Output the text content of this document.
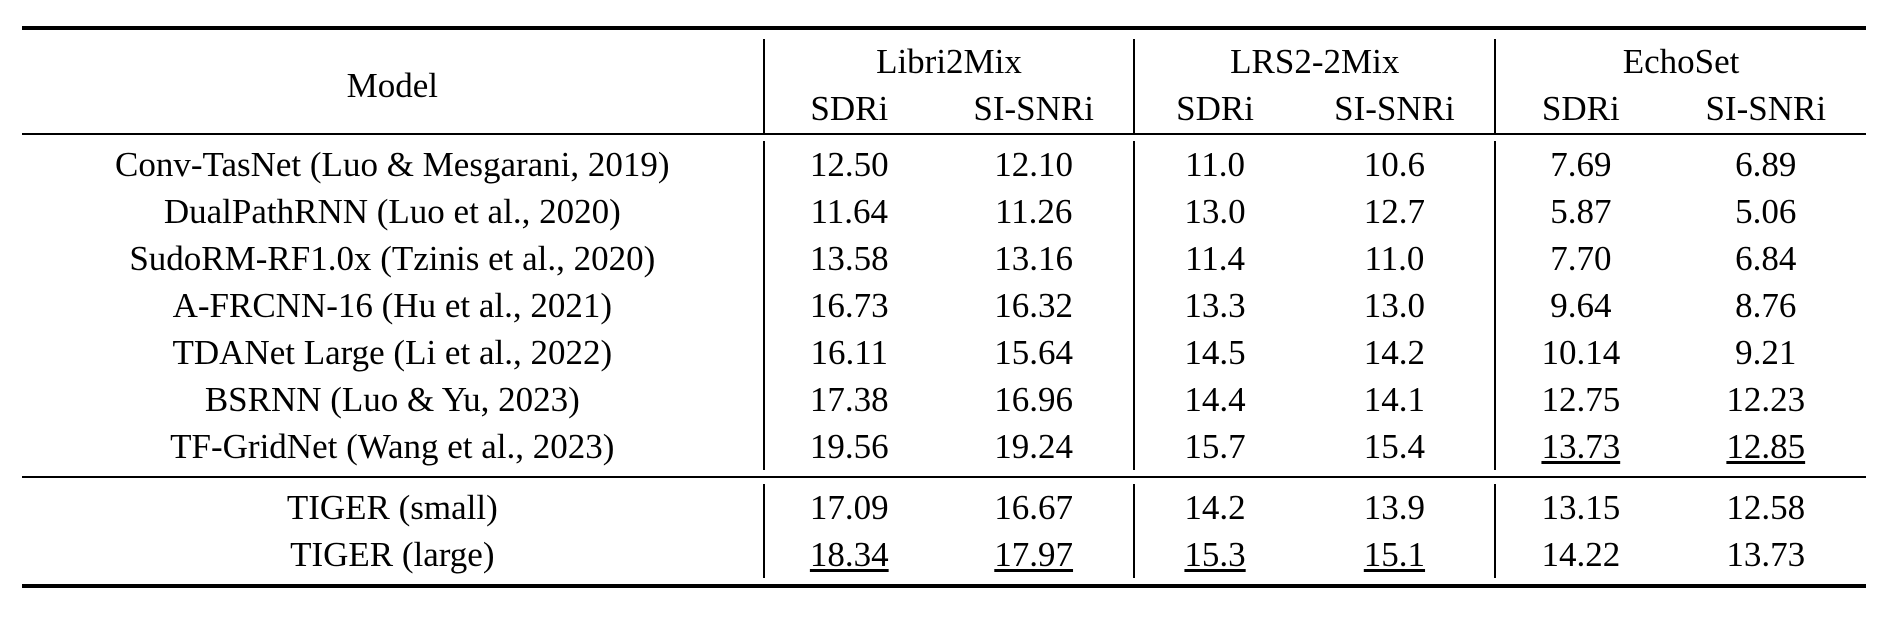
Model	Libri2Mix		LRS2-2Mix		EchoSet	
	SDRi	SI-SNRi	SDRi	SI-SNRi	SDRi	SI-SNRi

Conv-TasNet (Luo & Mesgarani, 2019)	12.50	12.10	11.0	10.6	7.69	6.89
DualPathRNN (Luo et al., 2020)	11.64	11.26	13.0	12.7	5.87	5.06
SudoRM-RF1.0x (Tzinis et al., 2020)	13.58	13.16	11.4	11.0	7.70	6.84
A-FRCNN-16 (Hu et al., 2021)	16.73	16.32	13.3	13.0	9.64	8.76
TDANet Large (Li et al., 2022)	16.11	15.64	14.5	14.2	10.14	9.21
BSRNN (Luo & Yu, 2023)	17.38	16.96	14.4	14.1	12.75	12.23
TF-GridNet (Wang et al., 2023)	19.56	19.24	15.7	15.4	13.73	12.85

TIGER (small)	17.09	16.67	14.2	13.9	13.15	12.58
TIGER (large)	18.34	17.97	15.3	15.1	14.22	13.73
